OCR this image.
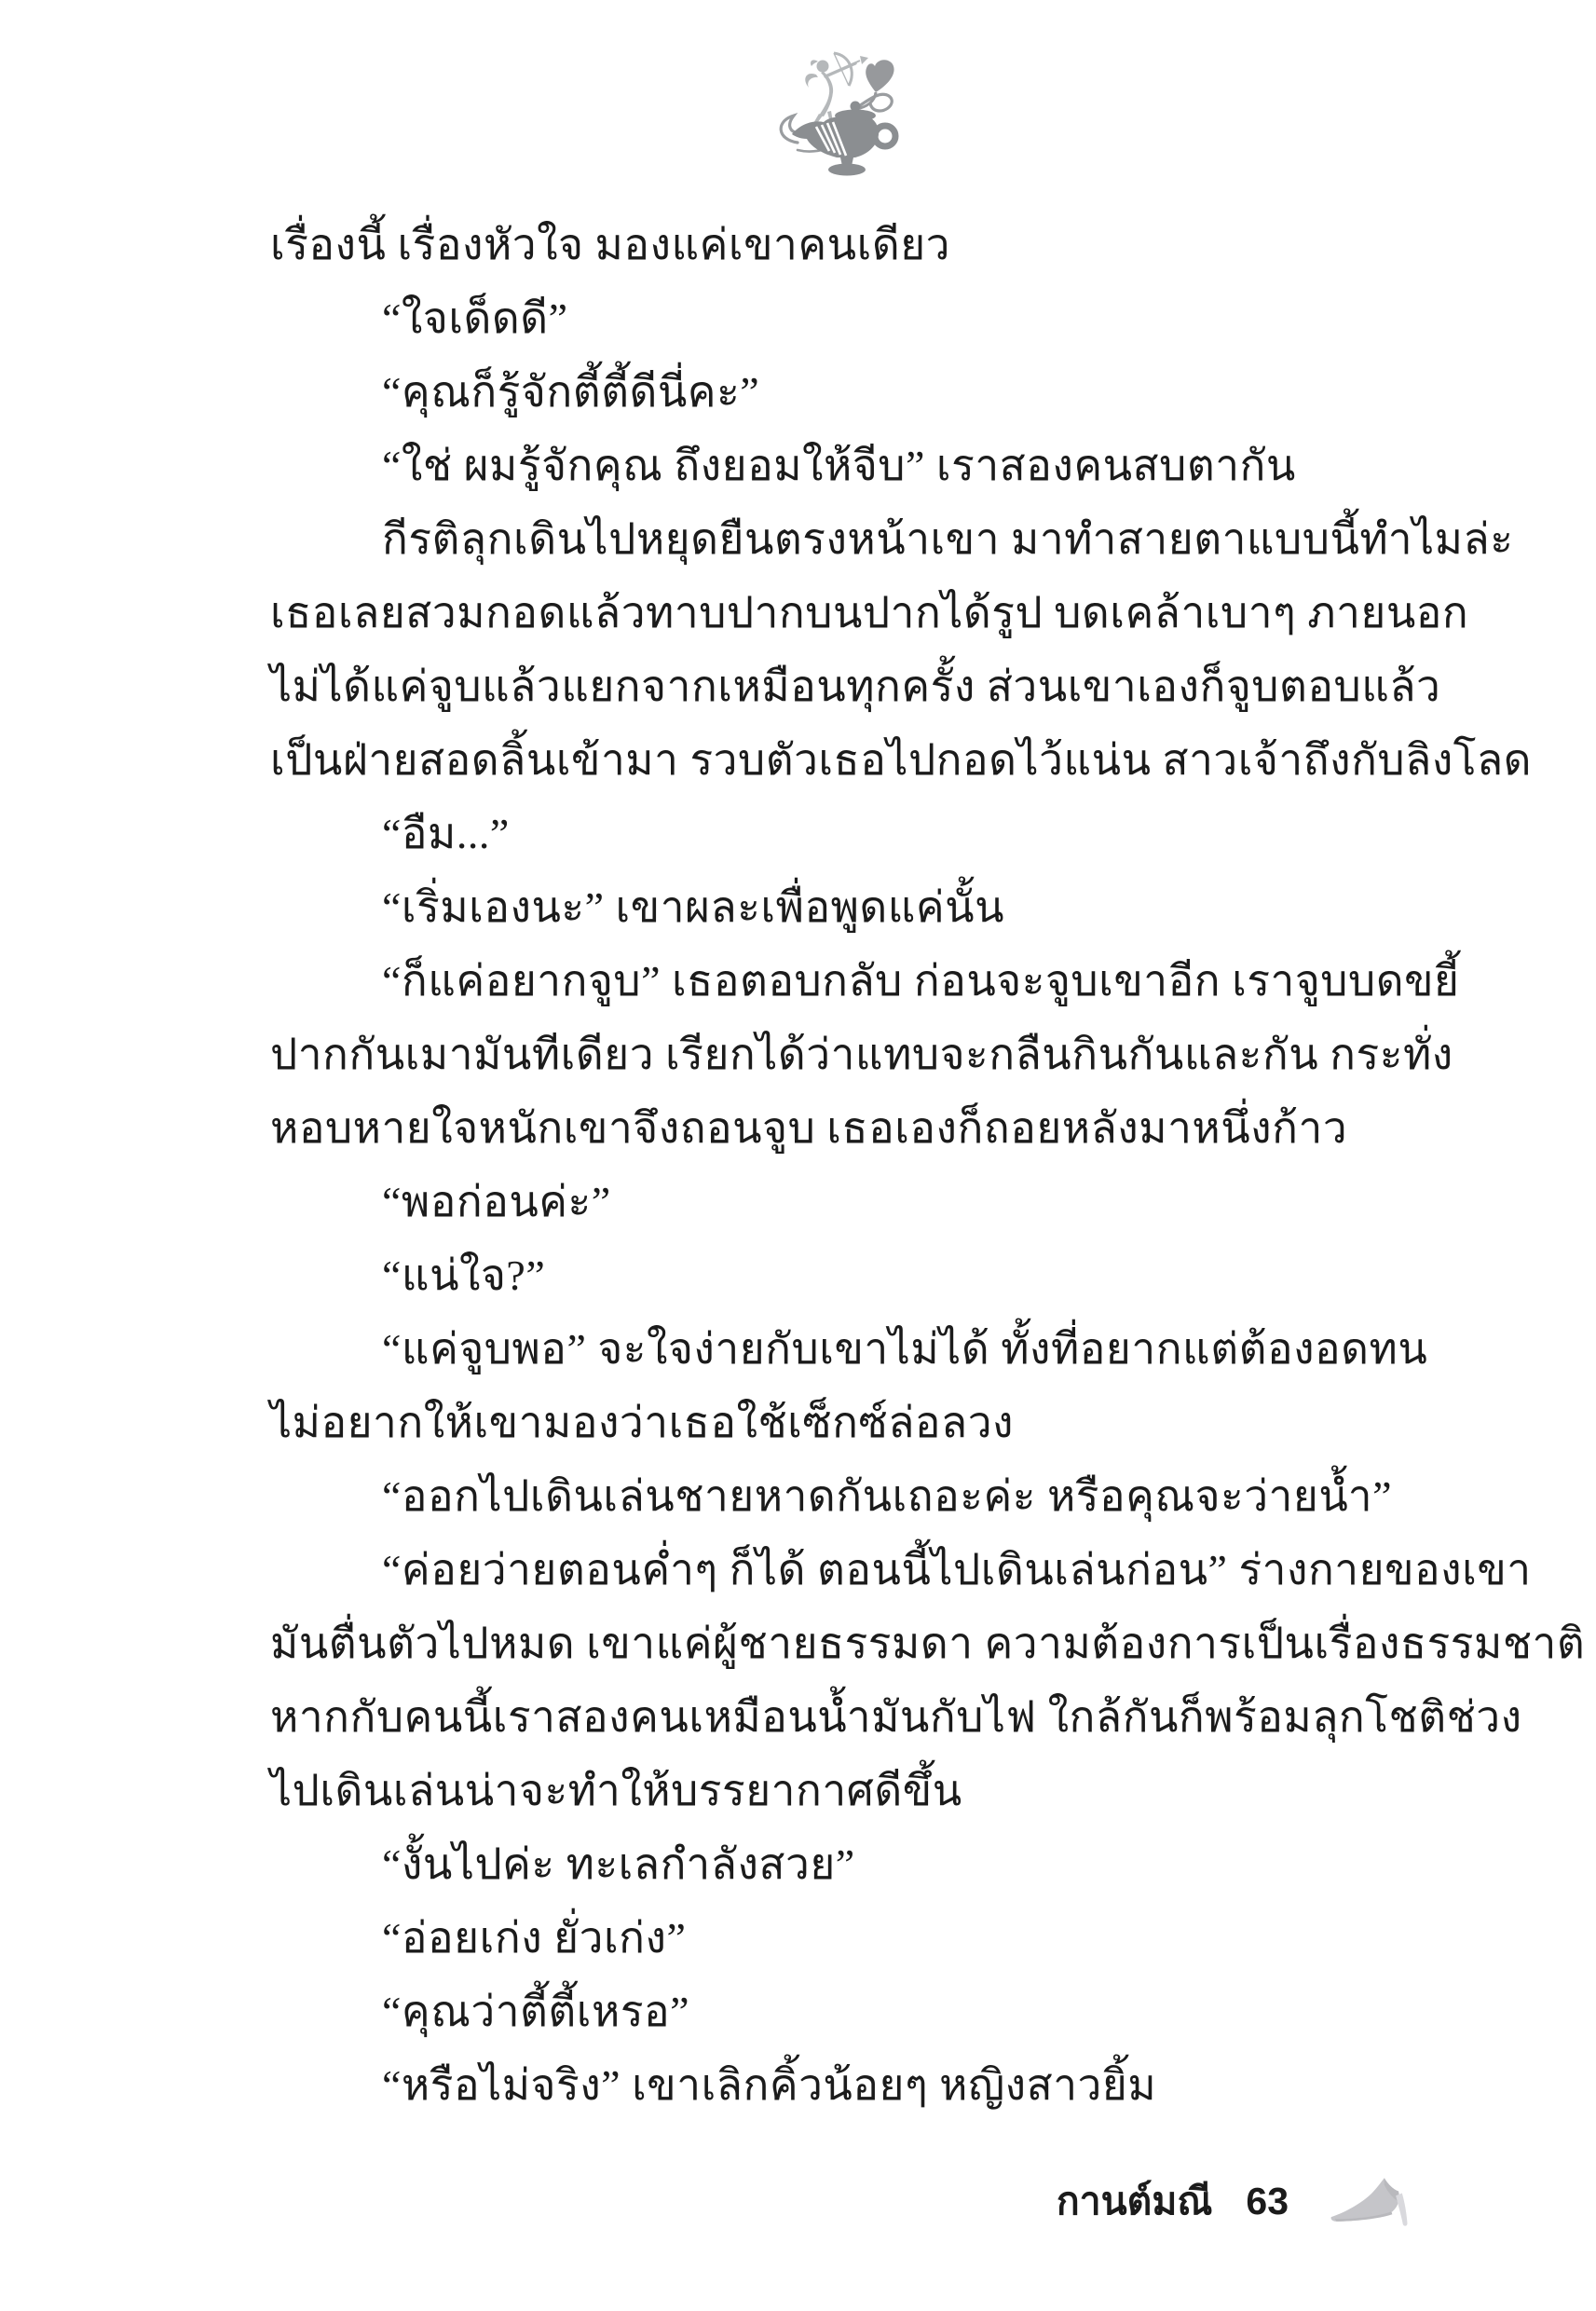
เรื่องนี้ เรื่องหัวใจ มองแค่เขาคนเดียว
“ใจเด็ดดี”
“คุณก็รู้จักตี้ตี้ดีนี่คะ”
“ใช่ ผมรู้จักคุณ ถึงยอมให้จีบ” เราสองคนสบตากัน
กีรติลุกเดินไปหยุดยืนตรงหน้าเขา มาทำสายตาแบบนี้ทำไมล่ะ
เธอเลยสวมกอดแล้วทาบปากบนปากได้รูป บดเคล้าเบาๆ ภายนอก
ไม่ได้แค่จูบแล้วแยกจากเหมือนทุกครั้ง ส่วนเขาเองก็จูบตอบแล้ว
เป็นฝ่ายสอดลิ้นเข้ามา รวบตัวเธอไปกอดไว้แน่น สาวเจ้าถึงกับลิงโลด
“อืม...”
“เริ่มเองนะ” เขาผละเพื่อพูดแค่นั้น
“ก็แค่อยากจูบ” เธอตอบกลับ ก่อนจะจูบเขาอีก เราจูบบดขยี้
ปากกันเมามันทีเดียว เรียกได้ว่าแทบจะกลืนกินกันและกัน กระทั่ง
หอบหายใจหนักเขาจึงถอนจูบ เธอเองก็ถอยหลังมาหนึ่งก้าว
“พอก่อนค่ะ”
“แน่ใจ?”
“แค่จูบพอ” จะใจง่ายกับเขาไม่ได้ ทั้งที่อยากแต่ต้องอดทน
ไม่อยากให้เขามองว่าเธอใช้เซ็กซ์ล่อลวง
“ออกไปเดินเล่นชายหาดกันเถอะค่ะ หรือคุณจะว่ายน้ำ”
“ค่อยว่ายตอนค่ำๆ ก็ได้ ตอนนี้ไปเดินเล่นก่อน” ร่างกายของเขา
มันตื่นตัวไปหมด เขาแค่ผู้ชายธรรมดา ความต้องการเป็นเรื่องธรรมชาติ
หากกับคนนี้เราสองคนเหมือนน้ำมันกับไฟ ใกล้กันก็พร้อมลุกโชติช่วง
ไปเดินเล่นน่าจะทำให้บรรยากาศดีขึ้น
“งั้นไปค่ะ ทะเลกำลังสวย”
“อ่อยเก่ง ยั่วเก่ง”
“คุณว่าตี้ตี้เหรอ”
“หรือไม่จริง” เขาเลิกคิ้วน้อยๆ หญิงสาวยิ้ม
กานต์มณี 63
